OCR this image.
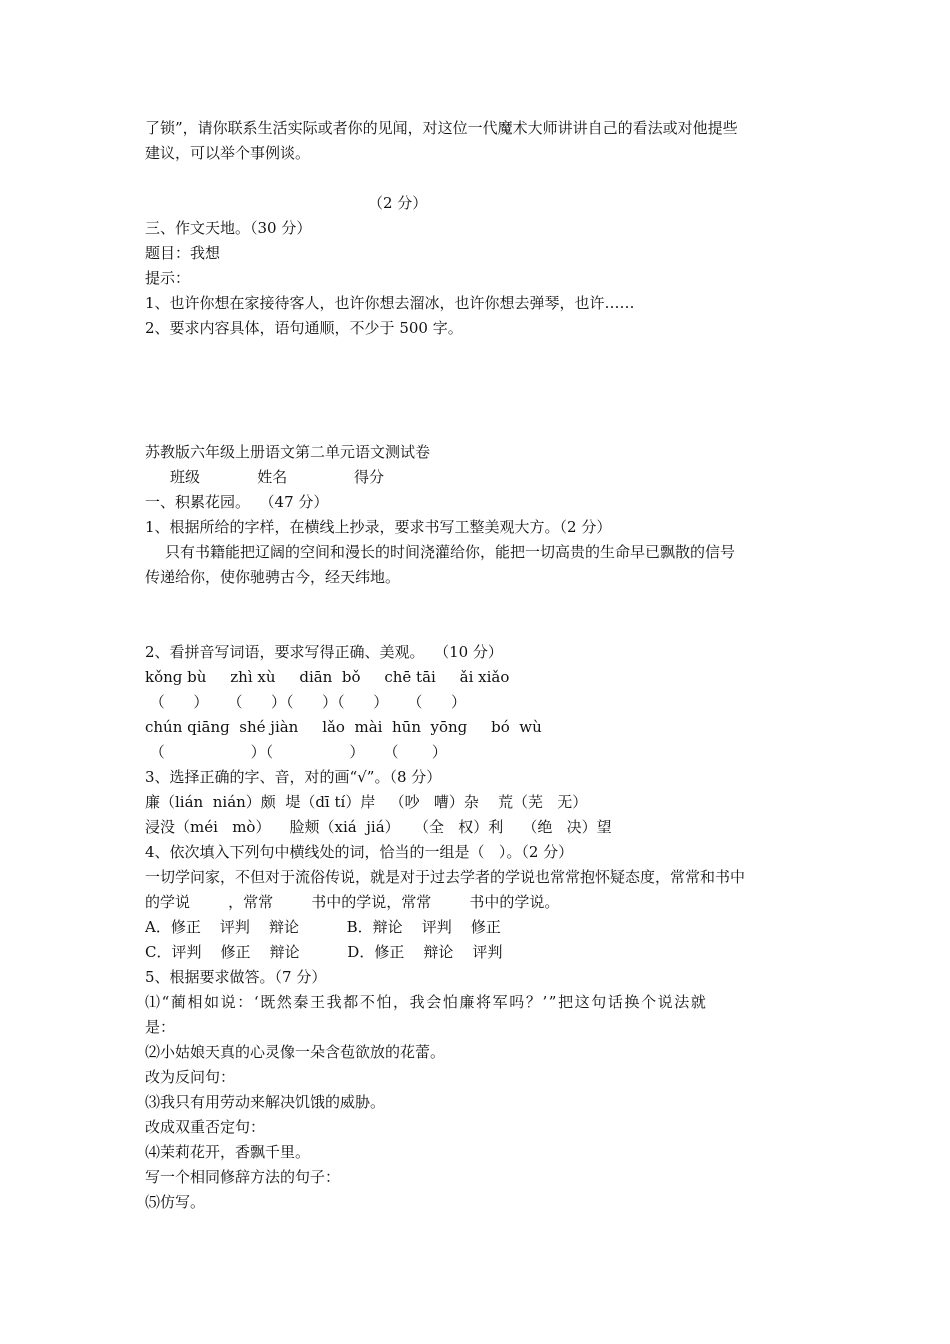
了锁”，请你联系生活实际或者你的见闻，对这位一代魔术大师讲讲自己的看法或对他提些

建议，可以举个事例谈。

（2 分）

三、作文天地。（30 分）

题目：我想

提示：

1、也许你想在家接待客人，也许你想去溜冰，也许你想去弹琴，也许……

2、要求内容具体，语句通顺，不少于 500 字。

苏教版六年级上册语文第二单元语文测试卷

班级            姓名              得分

一、积累花园。  （47 分）

1、根据所给的字样，在横线上抄录，要求书写工整美观大方。（2 分）

只有书籍能把辽阔的空间和漫长的时间浇灌给你，能把一切高贵的生命早已飘散的信号

传递给你，使你驰骋古今，经天纬地。

2、看拼音写词语，要求写得正确、美观。  （10 分）

kǒnɡ bù     zhì xù     diān  bǒ     chē tāi     ǎi xiǎo

（      ）    （      ）（      ）（      ）    （      ）

chún qiānɡ  shé jiàn     lǎo  mài  hūn  yōnɡ     bó  wù

（                  ）（                ）    （       ）

3、选择正确的字、音，对的画“√”。（8 分）

廉（lián  nián）颇  堤（dī tí）岸   （吵   嘈）杂    荒（芜   无）

浸没（méi   mò）    脸颊（xiá  jiá）   （全   权）利    （绝   决）望

4、依次填入下列句中横线处的词，恰当的一组是（   ）。（2 分）

一切学问家，不但对于流俗传说，就是对于过去学者的学说也常常抱怀疑态度，常常和书中

的学说        ，常常        书中的学说，常常        书中的学说。

A．修正    评判    辩论          B．辩论    评判    修正

C．评判    修正    辩论          D．修正    辩论    评判

5、根据要求做答。（7 分）

⑴“蔺相如说：‘既然秦王我都不怕，我会怕廉将军吗？’”把这句话换个说法就

是：

⑵小姑娘天真的心灵像一朵含苞欲放的花蕾。

改为反问句：

⑶我只有用劳动来解决饥饿的威胁。

改成双重否定句：

⑷茉莉花开，香飘千里。

写一个相同修辞方法的句子：

⑸仿写。
